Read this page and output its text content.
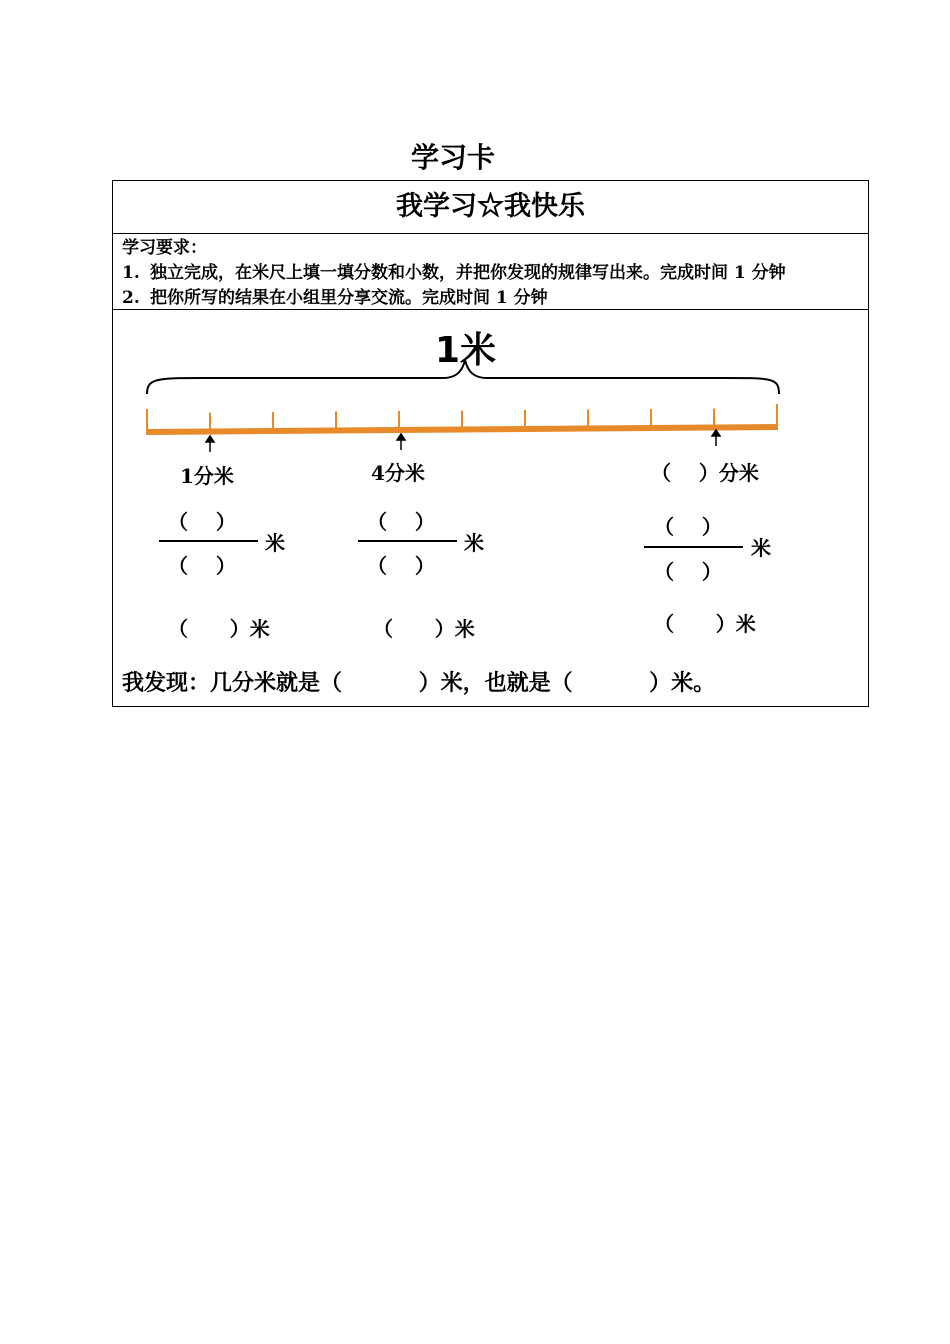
学习卡
我学习☆我快乐
学习要求：
1. 独立完成，在米尺上填一填分数和小数，并把你发现的规律写出来。完成时间 1 分钟
2. 把你所写的结果在小组里分享交流。完成时间 1 分钟
1米
1分米	4分米	（    ）分米
（    ）
（    ）
米
（    ）
（    ）
米
（    ）
（    ）
米
（      ）米	（      ）米	（      ）米
我发现：几分米就是（          ）米，也就是（          ）米。
